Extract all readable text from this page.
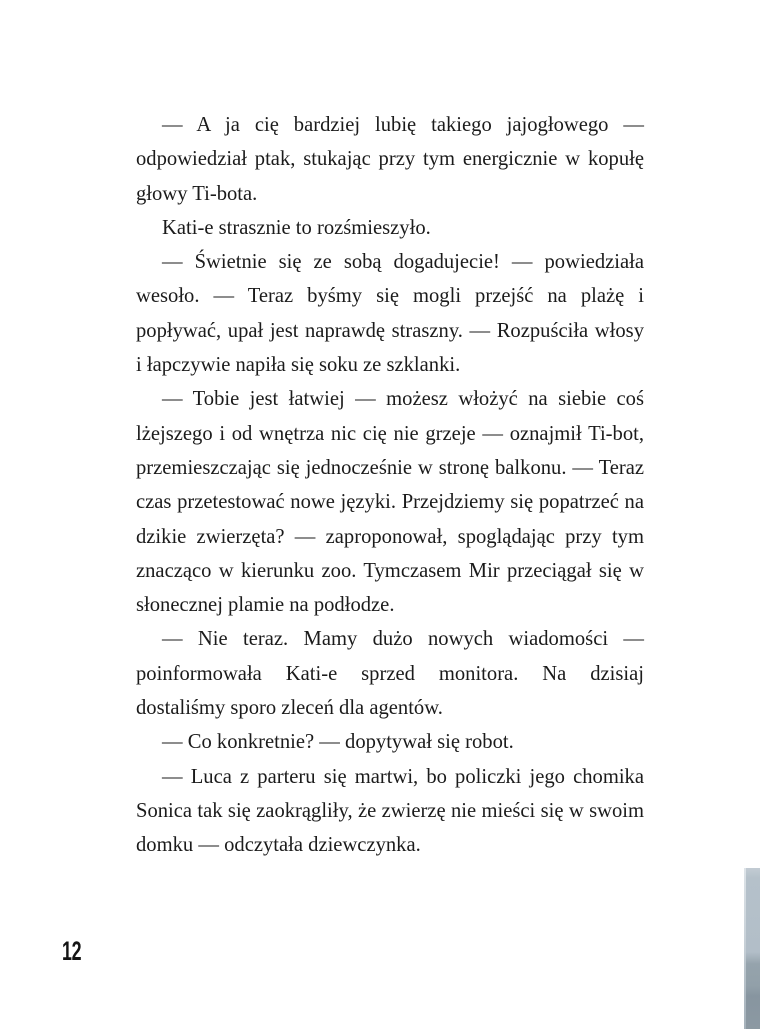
— A ja cię bardziej lubię takiego jajogłowego — odpowiedział ptak, stukając przy tym energicznie w kopułę głowy Ti-bota.

Kati-e strasznie to rozśmieszyło.

— Świetnie się ze sobą dogadujecie! — powiedziała wesoło. — Teraz byśmy się mogli przejść na plażę i popływać, upał jest naprawdę straszny. — Rozpuściła włosy i łapczywie napiła się soku ze szklanki.

— Tobie jest łatwiej — możesz włożyć na siebie coś lżejszego i od wnętrza nic cię nie grzeje — oznajmił Ti-bot, przemieszczając się jednocześnie w stronę balkonu. — Teraz czas przetestować nowe języki. Przejdziemy się popatrzeć na dzikie zwierzęta? — zaproponował, spoglądając przy tym znacząco w kierunku zoo. Tymczasem Mir przeciągał się w słonecznej plamie na podłodze.

— Nie teraz. Mamy dużo nowych wiadomości — poinformowała Kati-e sprzed monitora. Na dzisiaj dostaliśmy sporo zleceń dla agentów.

— Co konkretnie? — dopytywał się robot.

— Luca z parteru się martwi, bo policzki jego chomika Sonica tak się zaokrągliły, że zwierzę nie mieści się w swoim domku — odczytała dziewczynka.

12
